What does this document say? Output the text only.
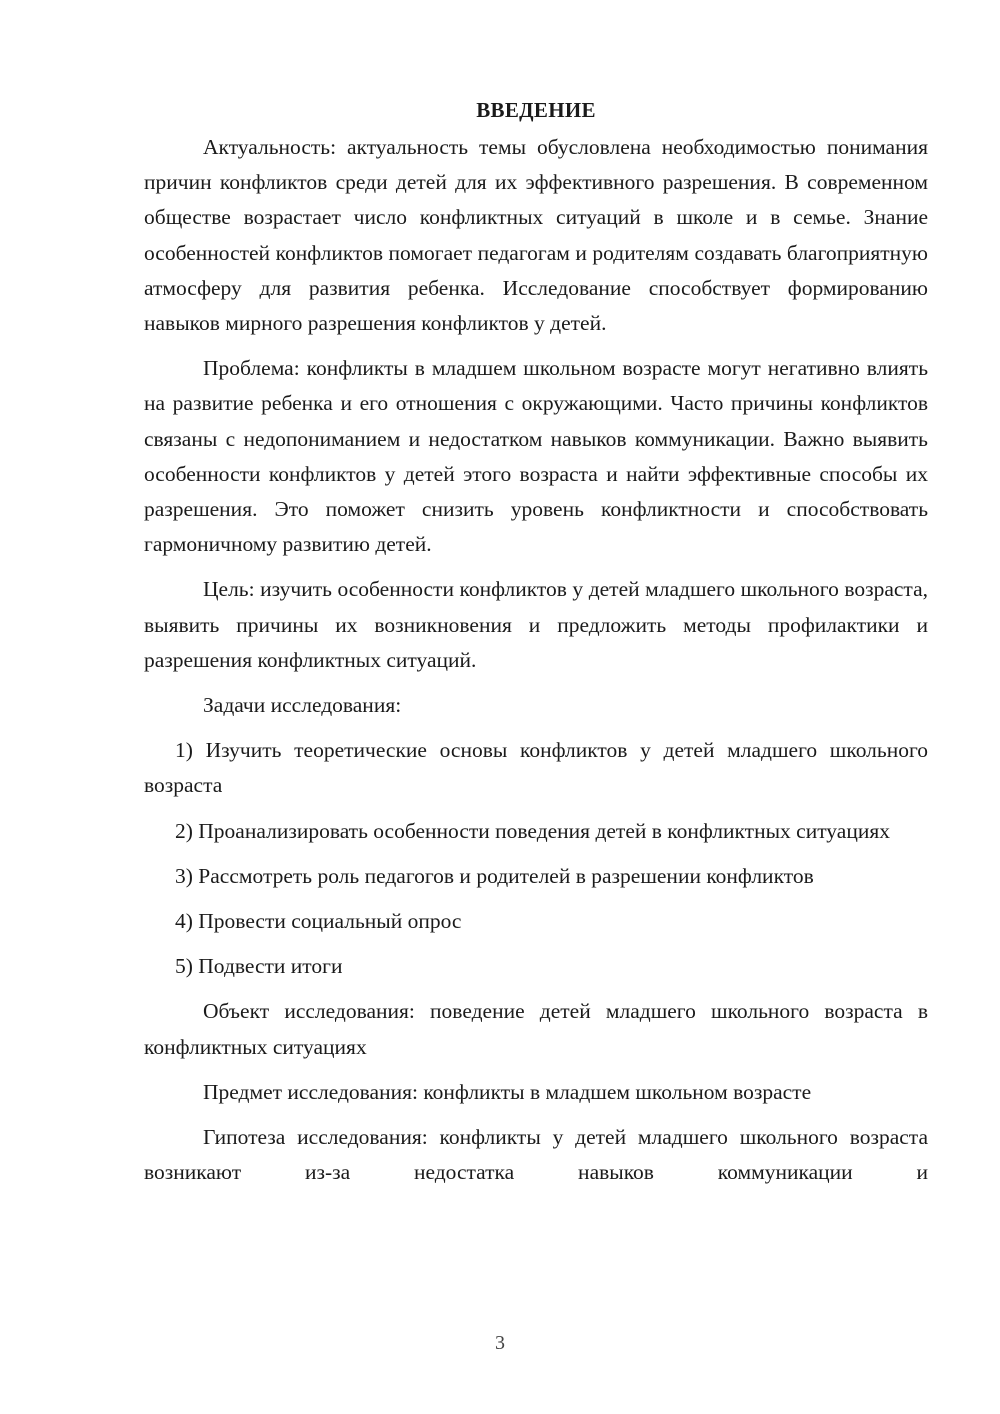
ВВЕДЕНИЕ

Актуальность: актуальность темы обусловлена необходимостью понимания причин конфликтов среди детей для их эффективного разрешения. В современном обществе возрастает число конфликтных ситуаций в школе и в семье. Знание особенностей конфликтов помогает педагогам и родителям создавать благоприятную атмосферу для развития ребенка. Исследование способствует формированию навыков мирного разрешения конфликтов у детей.

Проблема: конфликты в младшем школьном возрасте могут негативно влиять на развитие ребенка и его отношения с окружающими. Часто причины конфликтов связаны с недопониманием и недостатком навыков коммуникации. Важно выявить особенности конфликтов у детей этого возраста и найти эффективные способы их разрешения. Это поможет снизить уровень конфликтности и способствовать гармоничному развитию детей.

Цель: изучить особенности конфликтов у детей младшего школьного возраста, выявить причины их возникновения и предложить методы профилактики и разрешения конфликтных ситуаций.

Задачи исследования:

1) Изучить теоретические основы конфликтов у детей младшего школьного возраста

2) Проанализировать особенности поведения детей в конфликтных ситуациях

3) Рассмотреть роль педагогов и родителей в разрешении конфликтов

4) Провести социальный опрос

5) Подвести итоги

Объект исследования: поведение детей младшего школьного возраста в конфликтных ситуациях

Предмет исследования: конфликты в младшем школьном возрасте

Гипотеза исследования: конфликты у детей младшего школьного возраста возникают из-за недостатка навыков коммуникации и

3
